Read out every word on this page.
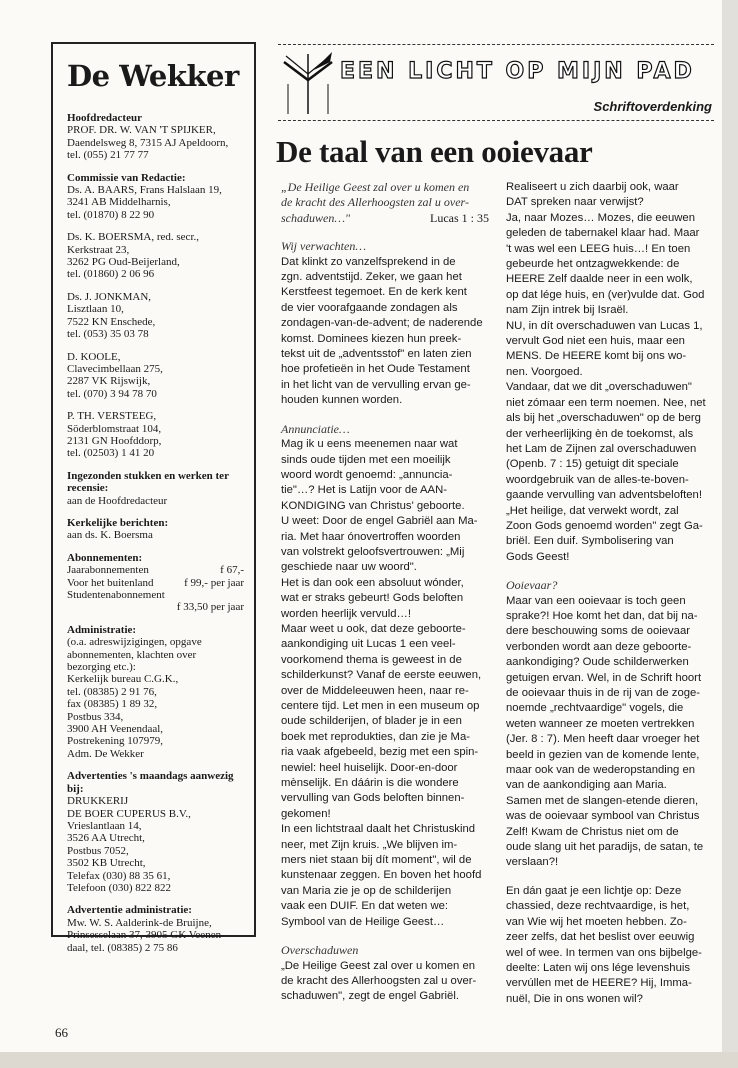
De Wekker
Hoofdredacteur
PROF. DR. W. VAN 'T SPIJKER,
Daendelsweg 8, 7315 AJ Apeldoorn,
tel. (055) 21 77 77
Commissie van Redactie:
Ds. A. BAARS, Frans Halslaan 19,
3241 AB Middelharnis,
tel. (01870) 8 22 90
Ds. K. BOERSMA, red. secr.,
Kerkstraat 23,
3262 PG Oud-Beijerland,
tel. (01860) 2 06 96
Ds. J. JONKMAN,
Lisztlaan 10,
7522 KN Enschede,
tel. (053) 35 03 78
D. KOOLE,
Clavecimbellaan 275,
2287 VK Rijswijk,
tel. (070) 3 94 78 70
P. TH. VERSTEEG,
Söderblomstraat 104,
2131 GN Hoofddorp,
tel. (02503) 1 41 20
Ingezonden stukken en werken ter recensie:
aan de Hoofdredacteur
Kerkelijke berichten:
aan ds. K. Boersma
Abonnementen:
Jaarabonnementen	f 67,-
Voor het buitenland	f 99,- per jaar
Studentenabonnement
f 33,50 per jaar
Administratie:
(o.a. adreswijzigingen, opgave
abonnementen, klachten over
bezorging etc.):
Kerkelijk bureau C.G.K.,
tel. (08385) 2 91 76,
fax (08385) 1 89 32,
Postbus 334,
3900 AH Veenendaal,
Postrekening 107979,
Adm. De Wekker
Advertenties 's maandags aanwezig bij:
DRUKKERIJ
DE BOER CUPERUS B.V.,
Vrieslantlaan 14,
3526 AA Utrecht,
Postbus 7052,
3502 KB Utrecht,
Telefax (030) 88 35 61,
Telefoon (030) 822 822
Advertentie administratie:
Mw. W. S. Aalderink-de Bruijne,
Prinsesselaan 37, 3905 GK Veenen-
daal, tel. (08385) 2 75 86
EEN LICHT OP MIJN PAD
Schriftoverdenking
De taal van een ooievaar

„De Heilige Geest zal over u komen en
de kracht des Allerhoogsten zal u over-
schaduwen…"	Lucas 1 : 35

Wij verwachten…

Dat klinkt zo vanzelfsprekend in de
zgn. adventstijd. Zeker, we gaan het
Kerstfeest tegemoet. En de kerk kent
de vier voorafgaande zondagen als
zondagen-van-de-advent; de naderende
komst. Dominees kiezen hun preek-
tekst uit de „adventsstof" en laten zien
hoe profetieën in het Oude Testament
in het licht van de vervulling ervan ge-
houden kunnen worden.

Annunciatie…

Mag ik u eens meenemen naar wat
sinds oude tijden met een moeilijk
woord wordt genoemd: „annuncia-
tie"…? Het is Latijn voor de AAN-
KONDIGING van Christus' geboorte.
U weet: Door de engel Gabriël aan Ma-
ria. Met haar ónovertroffen woorden
van volstrekt geloofsvertrouwen: „Mij
geschiede naar uw woord".
Het is dan ook een absoluut wónder,
wat er straks gebeurt! Gods beloften
worden heerlijk vervuld…!
Maar weet u ook, dat deze geboorte-
aankondiging uit Lucas 1 een veel-
voorkomend thema is geweest in de
schilderkunst? Vanaf de eerste eeuwen,
over de Middeleeuwen heen, naar re-
centere tijd. Let men in een museum op
oude schilderijen, of blader je in een
boek met reprodukties, dan zie je Ma-
ria vaak afgebeeld, bezig met een spin-
newiel: heel huiselijk. Door-en-door
mènselijk. En dáárin is die wondere
vervulling van Gods beloften binnen-
gekomen!
In een lichtstraal daalt het Christuskind
neer, met Zijn kruis. „We blijven im-
mers niet staan bij dít moment", wil de
kunstenaar zeggen. En boven het hoofd
van Maria zie je op de schilderijen
vaak een DUIF. En dat weten we:
Symbool van de Heilige Geest…

Overschaduwen

„De Heilige Geest zal over u komen en
de kracht des Allerhoogsten zal u over-
schaduwen", zegt de engel Gabriël.

Realiseert u zich daarbij ook, waar
DAT spreken naar verwijst?
Ja, naar Mozes… Mozes, die eeuwen
geleden de tabernakel klaar had. Maar
't was wel een LEEG huis…! En toen
gebeurde het ontzagwekkende: de
HEERE Zelf daalde neer in een wolk,
op dat lége huis, en (ver)vulde dat. God
nam Zijn intrek bij Israël.
NU, in dít overschaduwen van Lucas 1,
vervult God niet een huis, maar een
MENS. De HEERE komt bij ons wo-
nen. Voorgoed.
Vandaar, dat we dit „overschaduwen"
niet zómaar een term noemen. Nee, net
als bij het „overschaduwen" op de berg
der verheerlijking èn de toekomst, als
het Lam de Zijnen zal overschaduwen
(Openb. 7 : 15) getuigt dit speciale
woordgebruik van de alles-te-boven-
gaande vervulling van adventsbeloften!
„Het heilige, dat verwekt wordt, zal
Zoon Gods genoemd worden" zegt Ga-
briël. Een duif. Symbolisering van
Gods Geest!

Ooievaar?

Maar van een ooievaar is toch geen
sprake?! Hoe komt het dan, dat bij na-
dere beschouwing soms de ooievaar
verbonden wordt aan deze geboorte-
aankondiging? Oude schilderwerken
getuigen ervan. Wel, in de Schrift hoort
de ooievaar thuis in de rij van de zoge-
noemde „rechtvaardige" vogels, die
weten wanneer ze moeten vertrekken
(Jer. 8 : 7). Men heeft daar vroeger het
beeld in gezien van de komende lente,
maar ook van de wederopstanding en
van de aankondiging aan Maria.
Samen met de slangen-etende dieren,
was de ooievaar symbool van Christus
Zelf! Kwam de Christus niet om de
oude slang uit het paradijs, de satan, te
verslaan?!

En dán gaat je een lichtje op: Deze
chassied, deze rechtvaardige, is het,
van Wie wij het moeten hebben. Zo-
zeer zelfs, dat het beslist over eeuwig
wel of wee. In termen van ons bijbelge-
deelte: Laten wij ons lége levenshuis
vervúllen met de HEERE? Hij, Imma-
nuël, Die in ons wonen wil?

66
